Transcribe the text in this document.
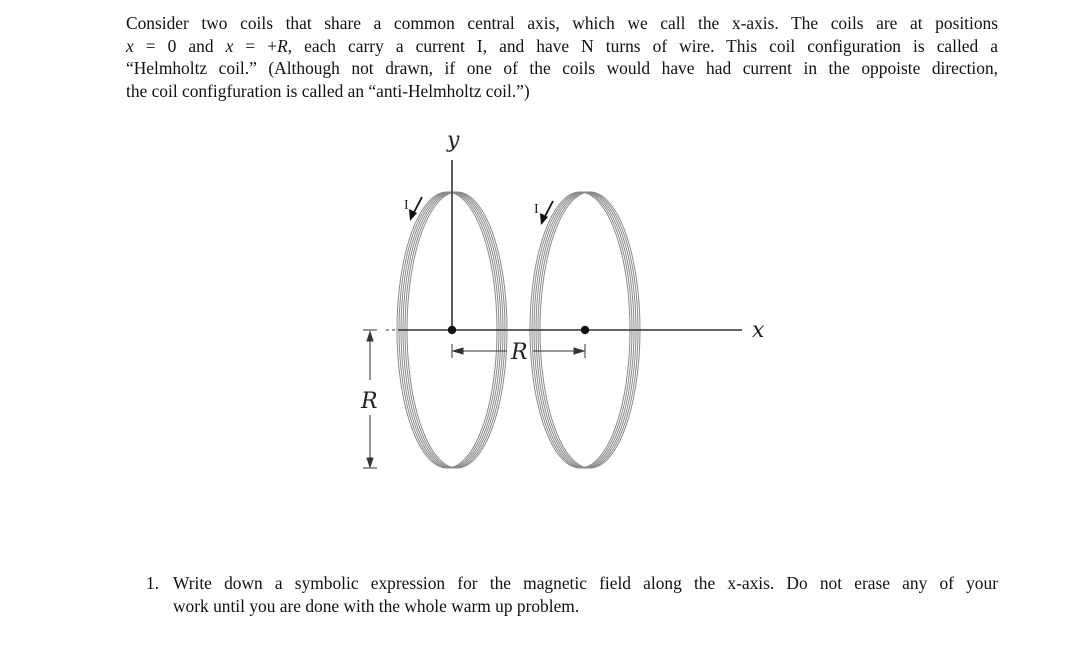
Consider two coils that share a common central axis, which we call the x-axis. The coils are at positions
x = 0 and x = +R, each carry a current I, and have N turns of wire. This coil configuration is called a
“Helmholtz coil.” (Although not drawn, if one of the coils would have had current in the oppoiste direction,
the coil configfuration is called an “anti-Helmholtz coil.”)
y
x
I	I
R
R
1. Write down a symbolic expression for the magnetic field along the x-axis. Do not erase any of your
work until you are done with the whole warm up problem.
